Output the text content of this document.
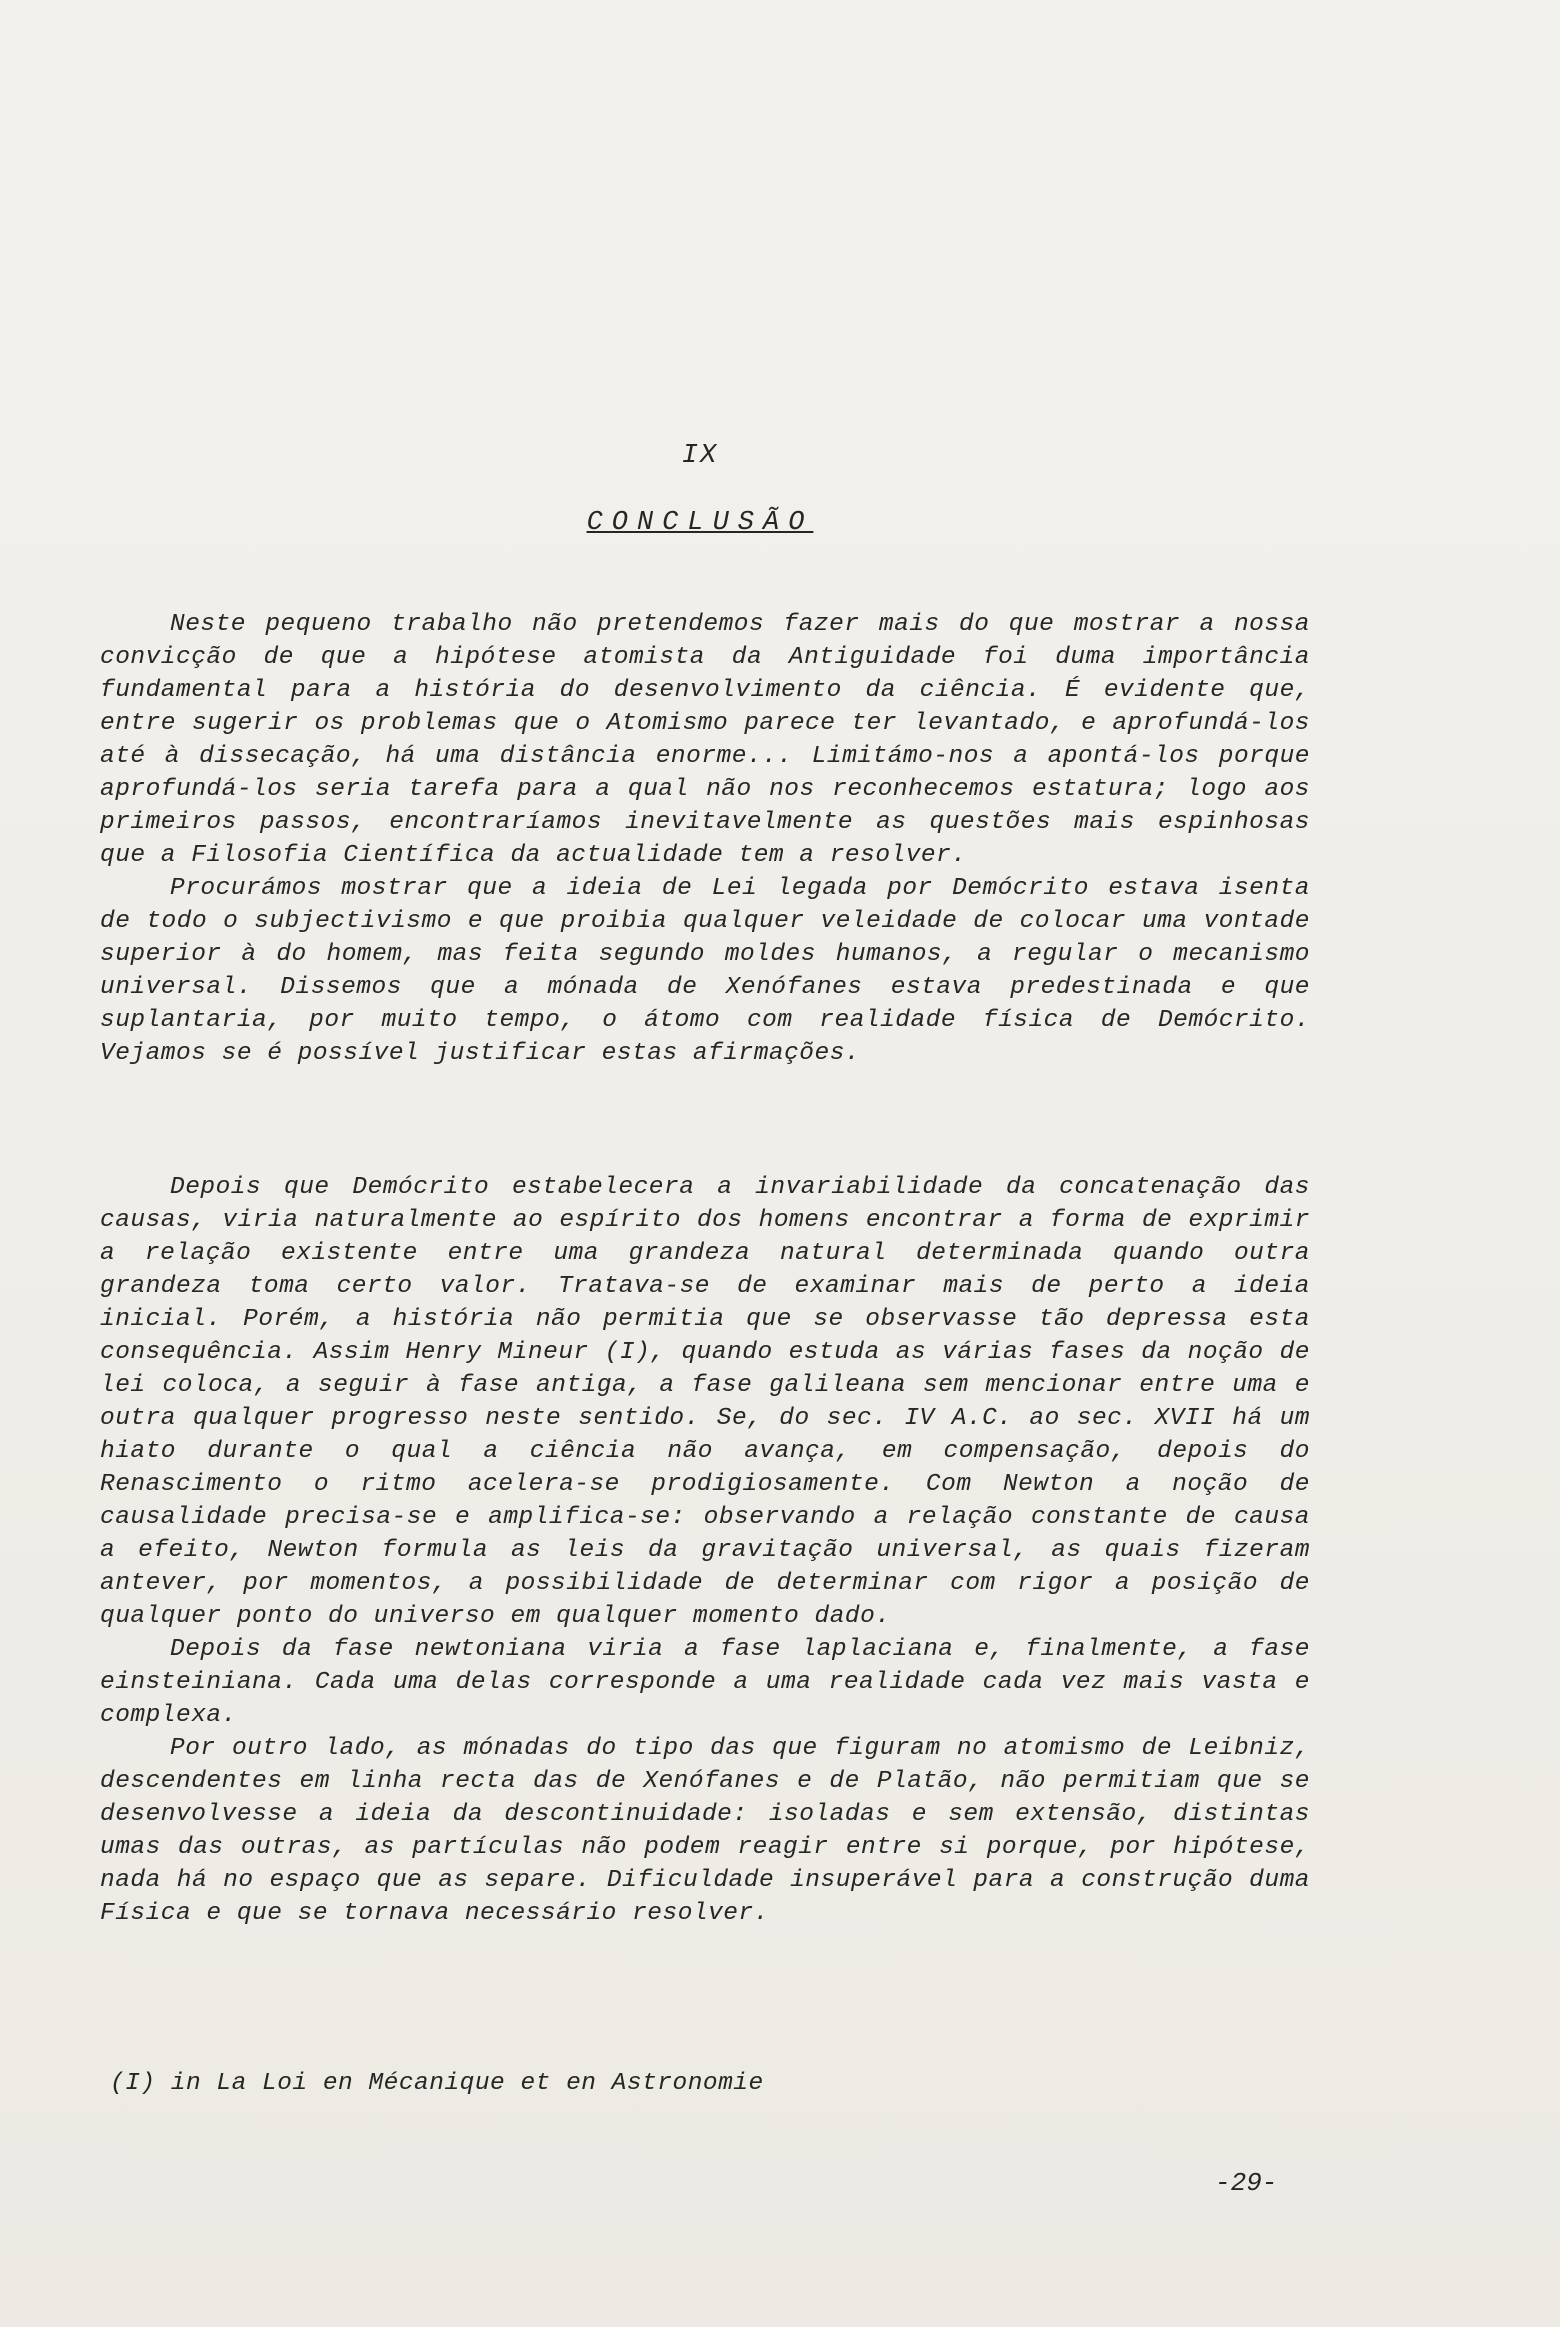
IX
CONCLUSÃO

Neste pequeno trabalho não pretendemos fazer mais do que mostrar a nossa convicção de que a hipótese atomista da Antiguidade foi duma importância fundamental para a história do desenvolvimento da ciência. É evidente que, entre sugerir os problemas que o Atomismo parece ter levantado, e aprofundá-los até à dissecação, há uma distância enorme... Limitámo-nos a apontá-los porque aprofundá-los seria tarefa para a qual não nos reconhecemos estatura; logo aos primeiros passos, encontraríamos inevitavelmente as questões mais espinhosas que a Filosofia Científica da actualidade tem a resolver.

Procurámos mostrar que a ideia de Lei legada por Demócrito estava isenta de todo o subjectivismo e que proibia qualquer veleidade de colocar uma vontade superior à do homem, mas feita segundo moldes humanos, a regular o mecanismo universal. Dissemos que a mónada de Xenófanes estava predestinada e que suplantaria, por muito tempo, o átomo com realidade física de Demócrito. Vejamos se é possível justificar estas afirmações.

Depois que Demócrito estabelecera a invariabilidade da concatenação das causas, viria naturalmente ao espírito dos homens encontrar a forma de exprimir a relação existente entre uma grandeza natural determinada quando outra grandeza toma certo valor. Tratava-se de examinar mais de perto a ideia inicial. Porém, a história não permitia que se observasse tão depressa esta consequência. Assim Henry Mineur (I), quando estuda as várias fases da noção de lei coloca, a seguir à fase antiga, a fase galileana sem mencionar entre uma e outra qualquer progresso neste sentido. Se, do sec. IV A.C. ao sec. XVII há um hiato durante o qual a ciência não avança, em compensação, depois do Renascimento o ritmo acelera-se prodigiosamente. Com Newton a noção de causalidade precisa-se e amplifica-se: observando a relação constante de causa a efeito, Newton formula as leis da gravitação universal, as quais fizeram antever, por momentos, a possibilidade de determinar com rigor a posição de qualquer ponto do universo em qualquer momento dado.

Depois da fase newtoniana viria a fase laplaciana e, finalmente, a fase einsteiniana. Cada uma delas corresponde a uma realidade cada vez mais vasta e complexa.

Por outro lado, as mónadas do tipo das que figuram no atomismo de Leibniz, descendentes em linha recta das de Xenófanes e de Platão, não permitiam que se desenvolvesse a ideia da descontinuidade: isoladas e sem extensão, distintas umas das outras, as partículas não podem reagir entre si porque, por hipótese, nada há no espaço que as separe. Dificuldade insuperável para a construção duma Física e que se tornava necessário resolver.

(I) in La Loi en Mécanique et en Astronomie
-29-
